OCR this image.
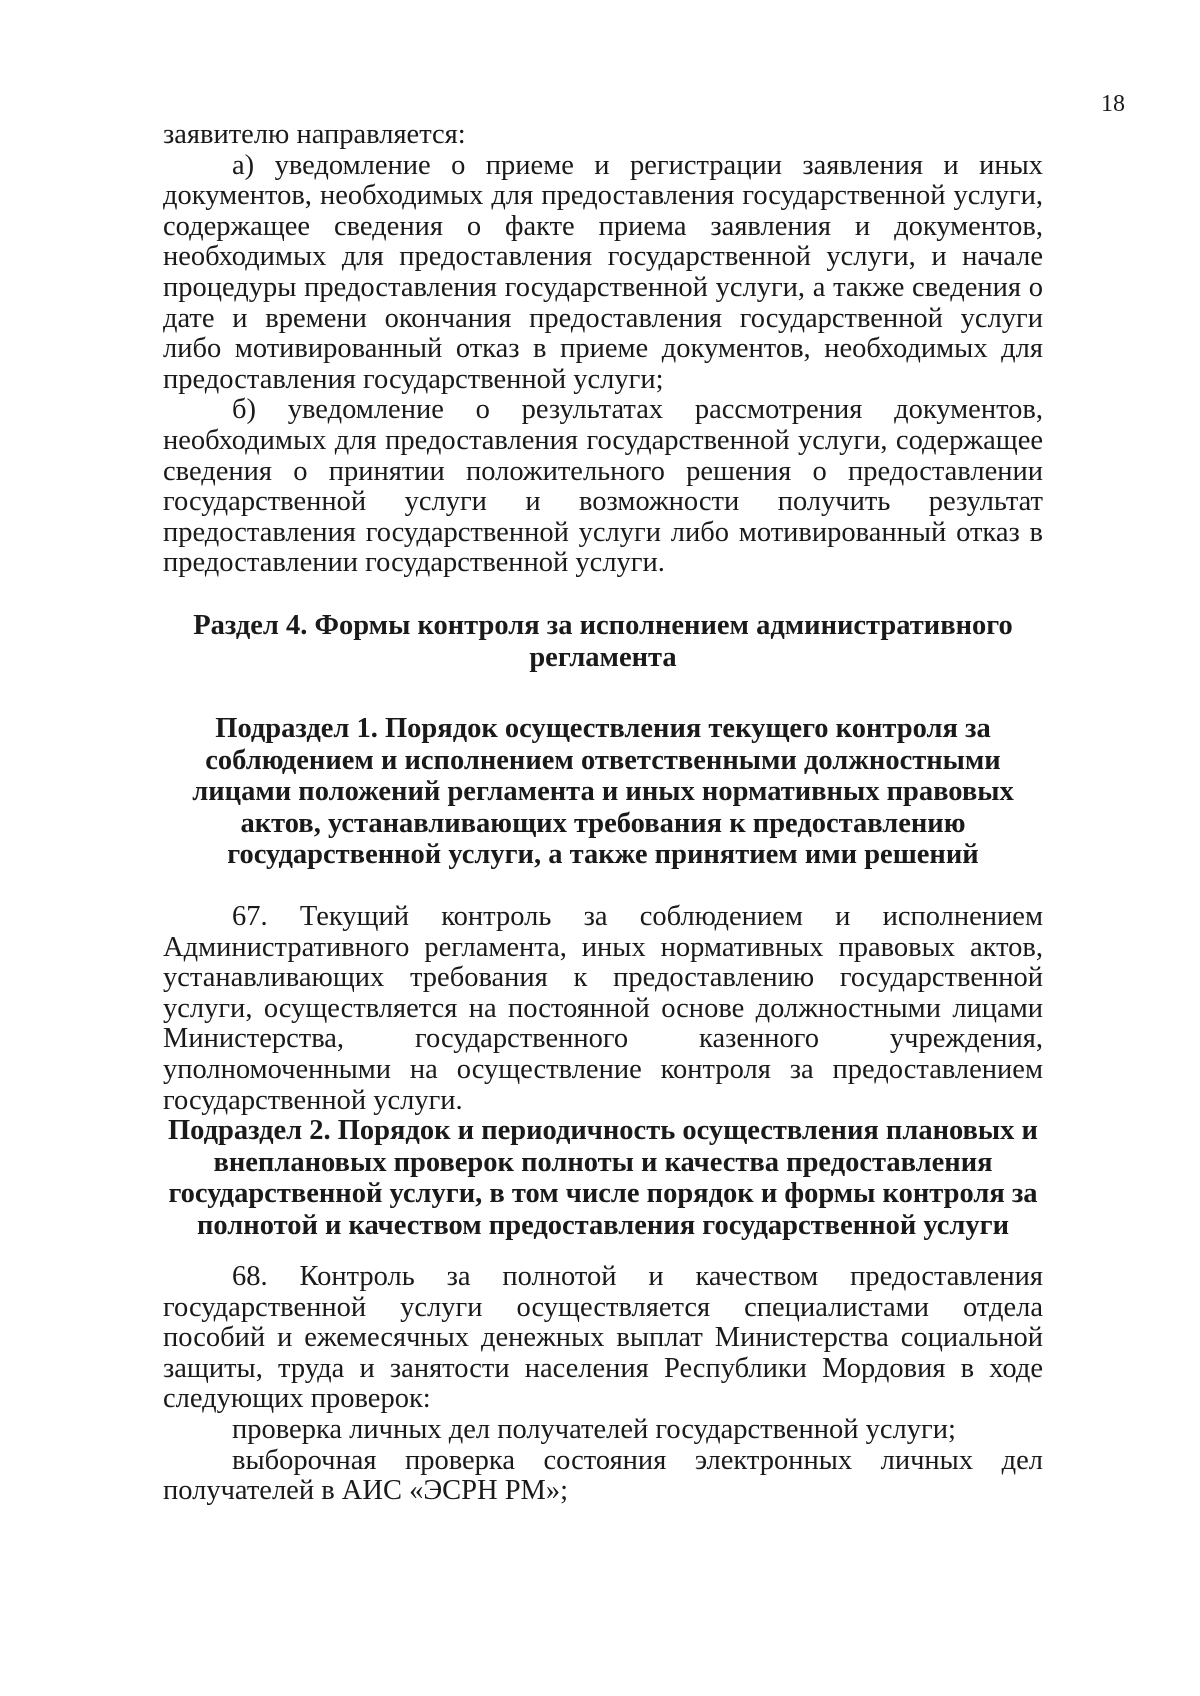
18

заявителю направляется:

а) уведомление о приеме и регистрации заявления и иных документов, необходимых для предоставления государственной услуги, содержащее сведения о факте приема заявления и документов, необходимых для предоставления государственной услуги, и начале процедуры предоставления государственной услуги, а также сведения о дате и времени окончания предоставления государственной услуги либо мотивированный отказ в приеме документов, необходимых для предоставления государственной услуги;

б) уведомление о результатах рассмотрения документов, необходимых для предоставления государственной услуги, содержащее сведения о принятии положительного решения о предоставлении государственной услуги и возможности получить результат предоставления государственной услуги либо мотивированный отказ в предоставлении государственной услуги.

Раздел 4. Формы контроля за исполнением административного регламента
Подраздел 1. Порядок осуществления текущего контроля за соблюдением и исполнением ответственными должностными лицами положений регламента и иных нормативных правовых актов, устанавливающих требования к предоставлению государственной услуги, а также принятием ими решений

67. Текущий контроль за соблюдением и исполнением Административного регламента, иных нормативных правовых актов, устанавливающих требования к предоставлению государственной услуги, осуществляется на постоянной основе должностными лицами Министерства, государственного казенного учреждения, уполномоченными на осуществление контроля за предоставлением государственной услуги.

Подраздел 2. Порядок и периодичность осуществления плановых и внеплановых проверок полноты и качества предоставления государственной услуги, в том числе порядок и формы контроля за полнотой и качеством предоставления государственной услуги

68. Контроль за полнотой и качеством предоставления государственной услуги осуществляется специалистами отдела пособий и ежемесячных денежных выплат Министерства социальной защиты, труда и занятости населения Республики Мордовия в ходе следующих проверок:

проверка личных дел получателей государственной услуги;

выборочная проверка состояния электронных личных дел получателей в АИС «ЭСРН РМ»;
